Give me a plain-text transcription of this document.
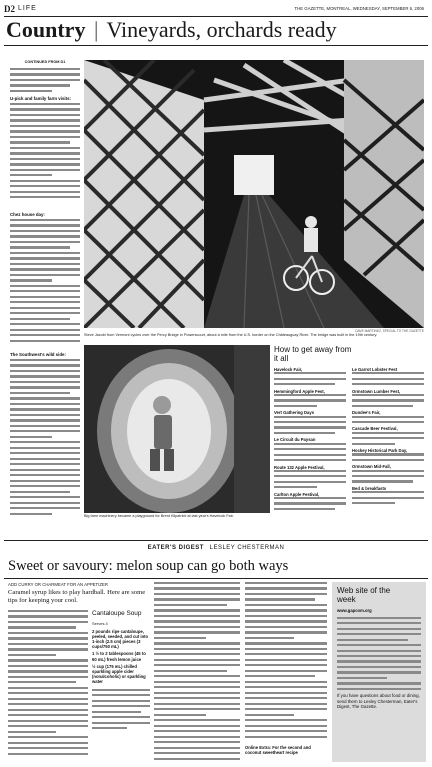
D2 LIFE	THE GAZETTE, MONTREAL, WEDNESDAY, SEPTEMBER 6, 2006
Country | Vineyards, orchards ready
CONTINUED FROM D1
U-pick and family farm visits:
Chez house day:
The Southwest's wild side:
DAVE MARTINEZ, SPECIAL TO THE GAZETTE
Steve Jacobi from Vermont cycles over the Percy Bridge in Powerscourt, about a mile from the U.S. border on the Châteauguay River. The bridge was built in the 19th century.
Big farm machinery became a playground for Brent Kilpatrick at last year's Havelock Fair.
How to get away from it all
Havelock Fair,
Hemmingford Apple Fest,
Vert Gathering Days
Le Circuit du Paysan
Route 132 Apple Festival,
Carlton Apple Festival,
Le Garrot Lobster Fest
Ormstown Lumber Fest,
Dundee's Fair,
Cascade Beer Festival,
Hockey Historical Park Day,
Ormstown Mid-Fall,
Bed & breakfasts
EATER'S DIGEST LESLEY CHESTERMAN
Sweet or savoury: melon soup can go both ways
ADD CURRY OR CHARMEAT FOR AN APPETIZER
Caramel syrup likes to play hardball. Here are some tips for keeping your cool.
Cantaloupe Soup
Serves 4
2 pounds ripe cantaloupe, peeled, seeded, and cut into 1-inch (2.5 cm) pieces (3 cups/750 mL)
1 ½ to 2 tablespoons (45 to 60 mL) fresh lemon juice
½ cup (175 mL) chilled sparkling apple cider (nonalcoholic) or sparkling water
Online Extra: For the second and coconut sweetheart recipe
Web site of the week
www.gapcom.org
If you have questions about food or dining, send them to Lesley Chesterman, Eater's Digest, The Gazette.
